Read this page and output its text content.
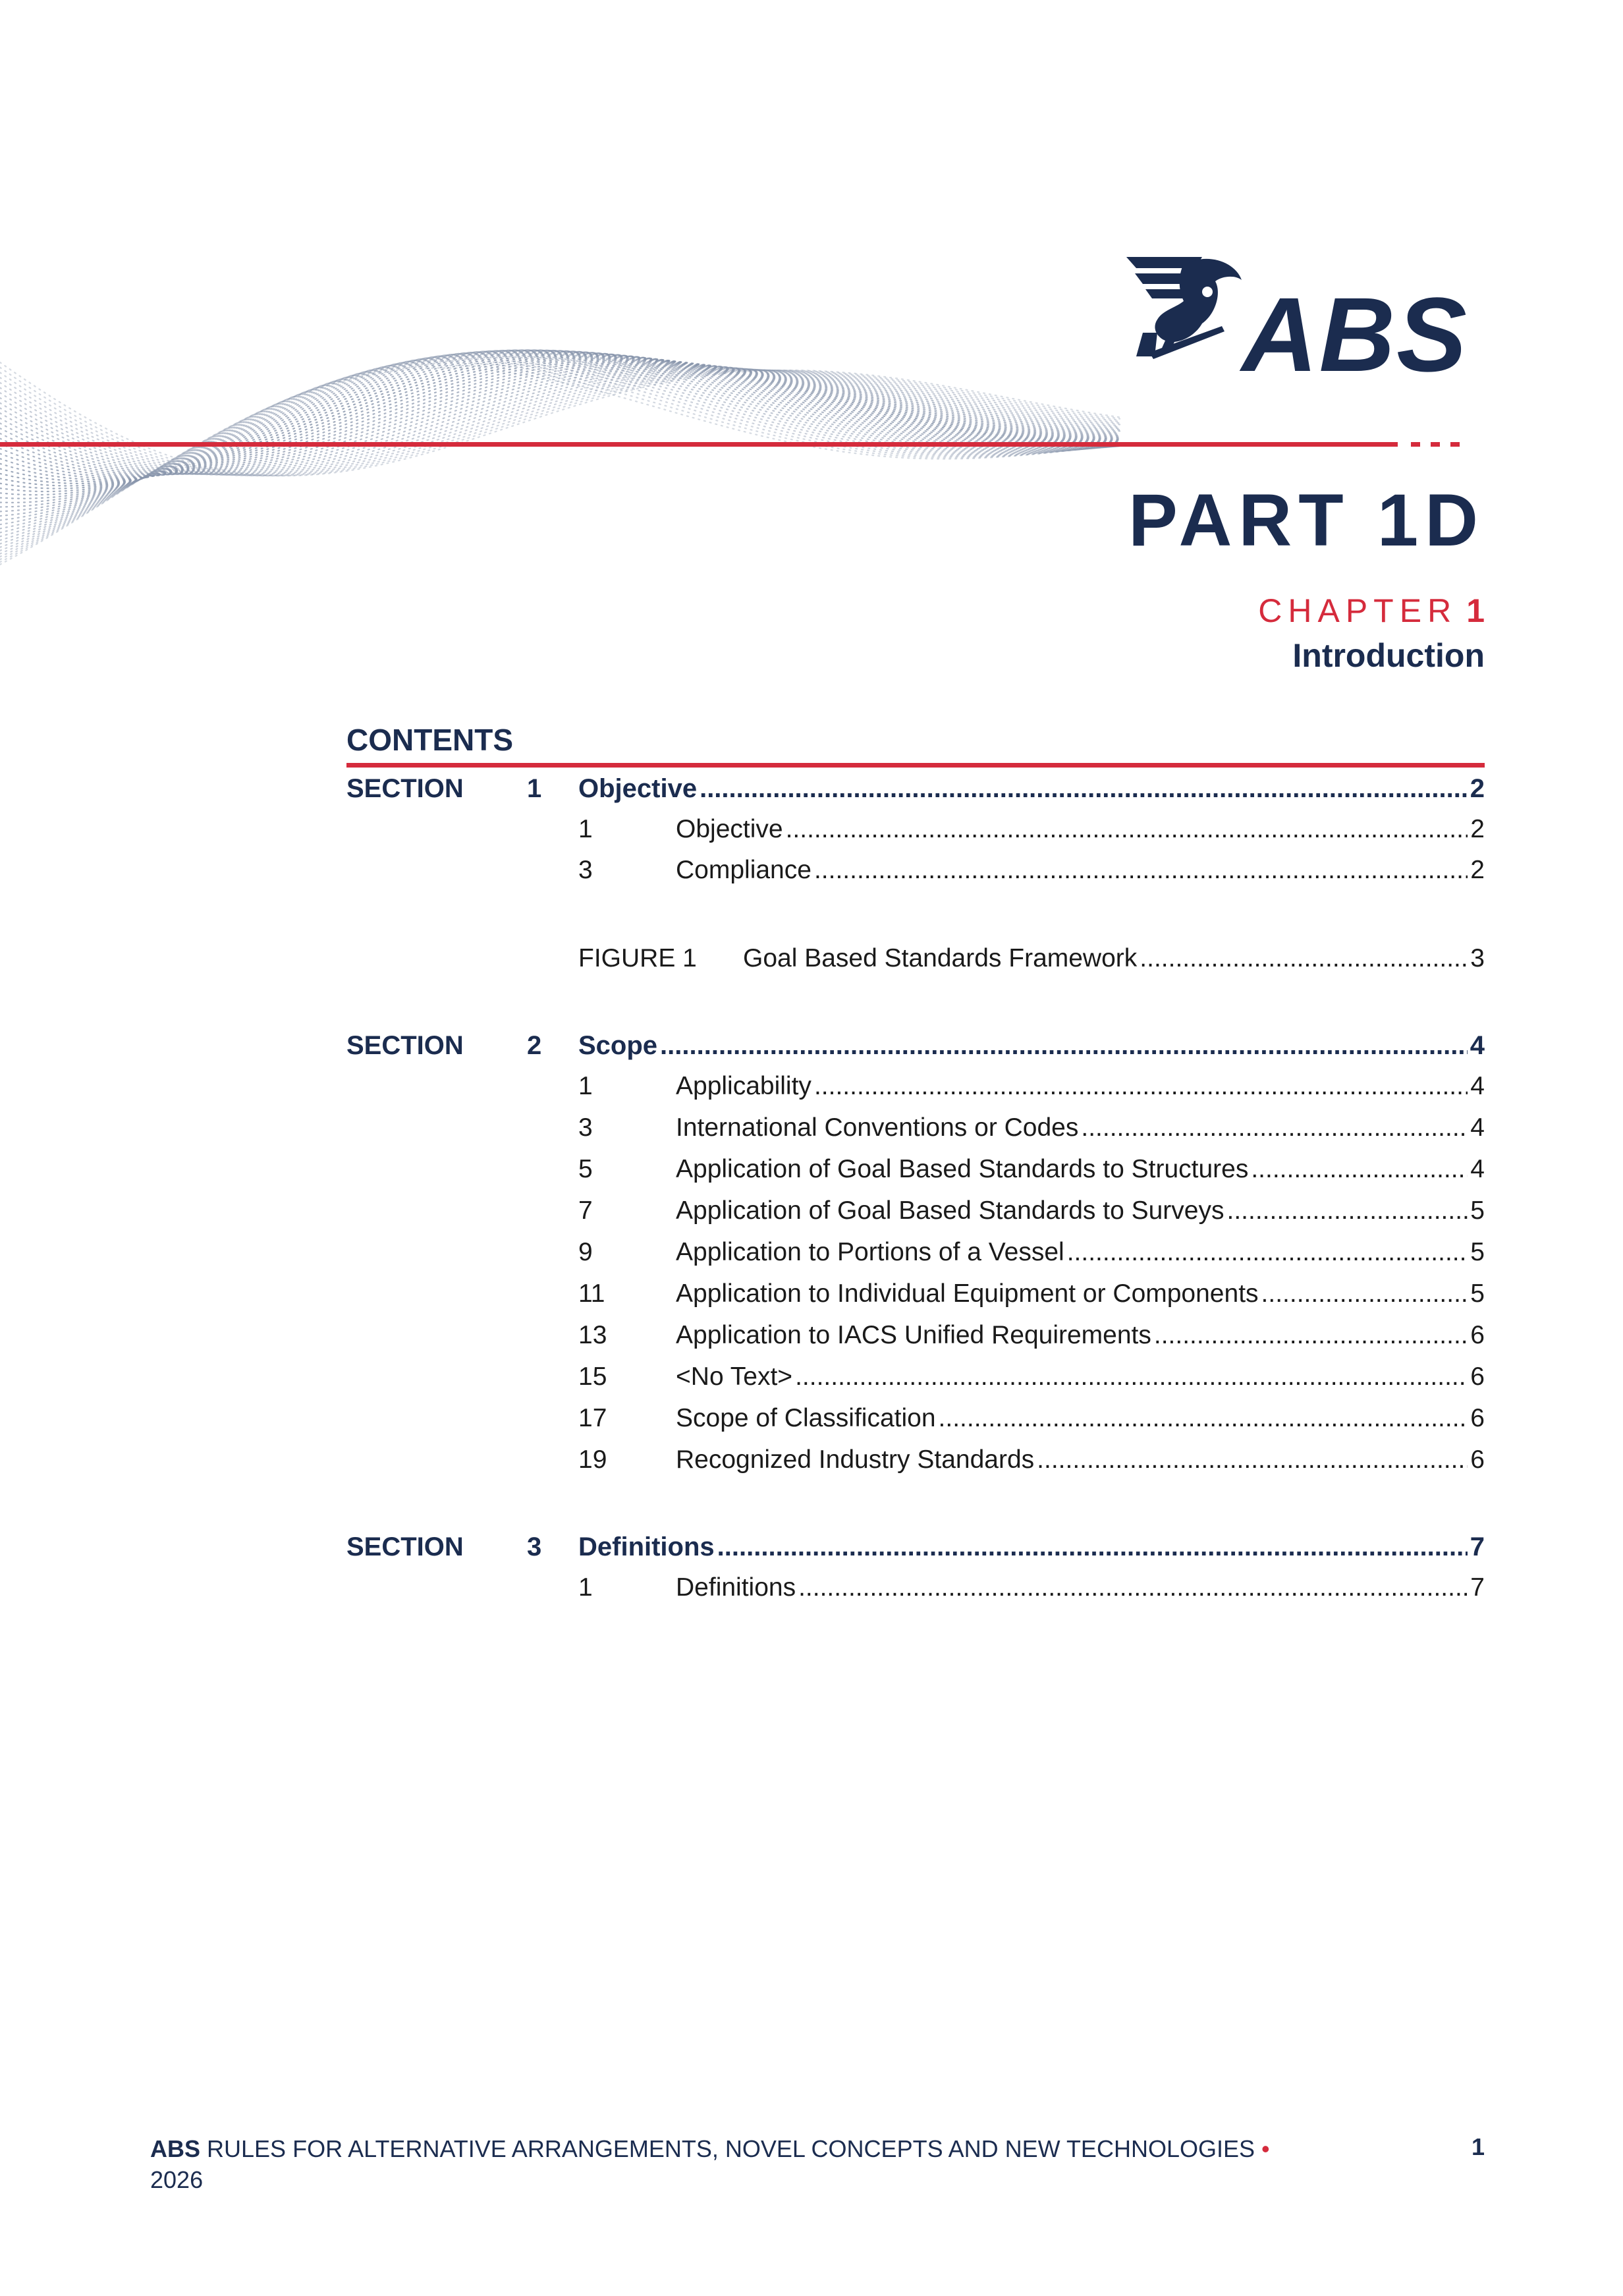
ABS
PART 1D
CHAPTER 1
Introduction
CONTENTS
SECTION 1 Objective .....	2
1	Objective .....	2
3	Compliance .....	2
FIGURE 1 Goal Based Standards Framework .....	3
SECTION 2 Scope .....	4
1	Applicability .....	4
3	International Conventions or Codes .....	4
5	Application of Goal Based Standards to Structures .....	4
7	Application of Goal Based Standards to Surveys .....	5
9	Application to Portions of a Vessel .....	5
11	Application to Individual Equipment or Components .....	5
13	Application to IACS Unified Requirements .....	6
15	<No Text> .....	6
17	Scope of Classification .....	6
19	Recognized Industry Standards .....	6
SECTION 3 Definitions .....	7
1	Definitions .....	7
ABS RULES FOR ALTERNATIVE ARRANGEMENTS, NOVEL CONCEPTS AND NEW TECHNOLOGIES •
2026
1
